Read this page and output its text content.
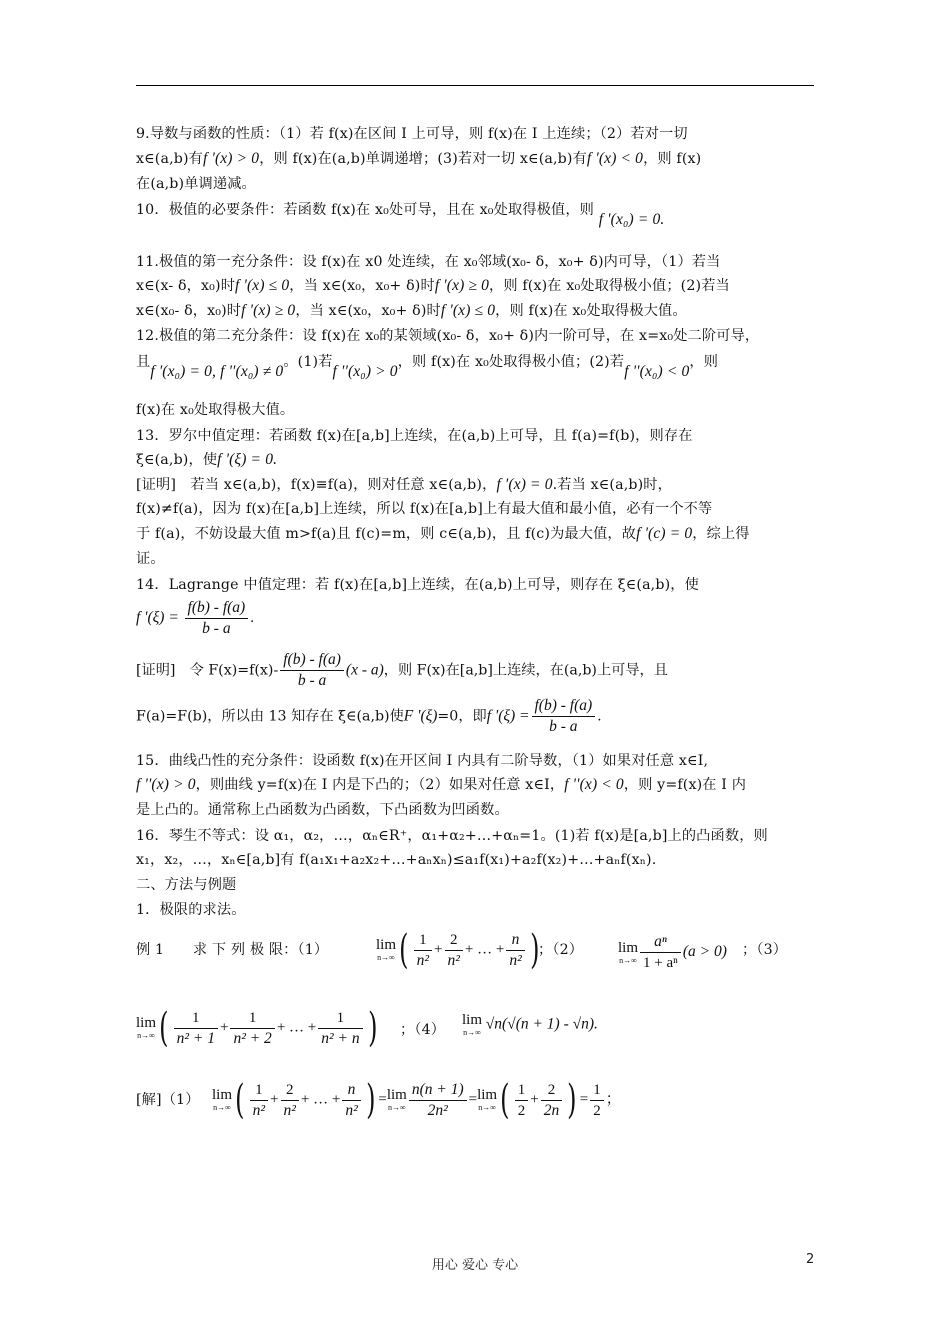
9.导数与函数的性质：（1）若 f(x)在区间 I 上可导，则 f(x)在 I 上连续；（2）若对一切
x∈(a,b)有f '(x) > 0，则 f(x)在(a,b)单调递增；(3)若对一切 x∈(a,b)有f '(x) < 0，则 f(x)
在(a,b)单调递减。
10．极值的必要条件：若函数 f(x)在 x₀处可导，且在 x₀处取得极值，则 f '(x₀) = 0.
11.极值的第一充分条件：设 f(x)在 x0 处连续，在 x₀邻域(x₀- δ，x₀+ δ)内可导，（1）若当
x∈(x- δ，x₀)时f '(x) ≤ 0，当 x∈(x₀，x₀+ δ)时f '(x) ≥ 0，则 f(x)在 x₀处取得极小值；(2)若当
x∈(x₀- δ，x₀)时f '(x) ≥ 0，当 x∈(x₀，x₀+ δ)时f '(x) ≤ 0，则 f(x)在 x₀处取得极大值。
12.极值的第二充分条件：设 f(x)在 x₀的某领域(x₀- δ，x₀+ δ)内一阶可导，在 x=x₀处二阶可导，
且f '(x₀) = 0, f ''(x₀) ≠ 0。(1)若f ''(x₀) > 0，则 f(x)在 x₀处取得极小值；(2)若f ''(x₀) < 0，则
f(x)在 x₀处取得极大值。
13．罗尔中值定理：若函数 f(x)在[a,b]上连续，在(a,b)上可导，且 f(a)=f(b)，则存在
ξ∈(a,b)，使f '(ξ) = 0.
[证明]　若当 x∈(a,b)，f(x)≡f(a)，则对任意 x∈(a,b)，f '(x) = 0.若当 x∈(a,b)时，
f(x)≠f(a)，因为 f(x)在[a,b]上连续，所以 f(x)在[a,b]上有最大值和最小值，必有一个不等
于 f(a)，不妨设最大值 m>f(a)且 f(c)=m，则 c∈(a,b)，且 f(c)为最大值，故f '(c) = 0，综上得
证。
14．Lagrange 中值定理：若 f(x)在[a,b]上连续，在(a,b)上可导，则存在 ξ∈(a,b)，使
f '$(\xi) = \frac{f(b) - f(a)}{b - a}$ .
[证明]　令 $F(x)=f(x)- \frac{f(b) - f(a)}{b - a} (x - a)$，则 F(x)在[a,b]上连续，在(a,b)上可导，且
F(a)=F(b)，所以由 13 知存在 ξ∈(a,b)使F '(ξ)=0，即f '$(\xi) = \frac{f(b) - f(a)}{b - a}$ .
15．曲线凸性的充分条件：设函数 f(x)在开区间 I 内具有二阶导数，（1）如果对任意 x∈I,
f ''(x) > 0，则曲线 y=f(x)在 I 内是下凸的；（2）如果对任意 x∈I，f ''(x) < 0，则 y=f(x)在 I 内
是上凸的。通常称上凸函数为凸函数，下凸函数为凹函数。
16．琴生不等式：设 α₁，α₂，…，αₙ∈R⁺，α₁+α₂+…+αₙ=1。(1)若 f(x)是[a,b]上的凸函数，则
x₁，x₂，…，xₙ∈[a,b]有 f(a₁x₁+a₂x₂+…+aₙxₙ)≤a₁f(x₁)+a₂f(x₂)+…+aₙf(xₙ).
二、方法与例题
1．极限的求法。
例 1　　求 下 列 极 限：（1）	lim
n→∞ ( $\frac{1}{\text{n²}} + \frac{2}{\text{n²}}$ + … + $\frac{n}{\text{n²}}$ )
；（2）	lim
$n\to\infty \frac{\text{aⁿ}}{\text{1 + aⁿ}} (a > 0)$ ；（3）
lim
n→∞ ( $\frac{1}{\text{n² + 1}} + \frac{1}{\text{n² + 2}}$ + … + $\frac{1}{\text{n² + n}}$ ) ；（4）
lim
n→∞
√n(√(n + 1) - √n).
[解]（1） lim
n→∞ ( $\frac{1}{\text{n²}} + \frac{2}{\text{n²}}$ + … + $\frac{n}{\text{n²}}$ ) = lim
$n\to\infty \frac{n(n + 1)}{\text{2n²}} = \lim$
n→∞ ( $\frac{1}{2} + \frac{2}{2n}$ ) = $\frac{1}{2}$ ；
用心 爱心 专心	2
